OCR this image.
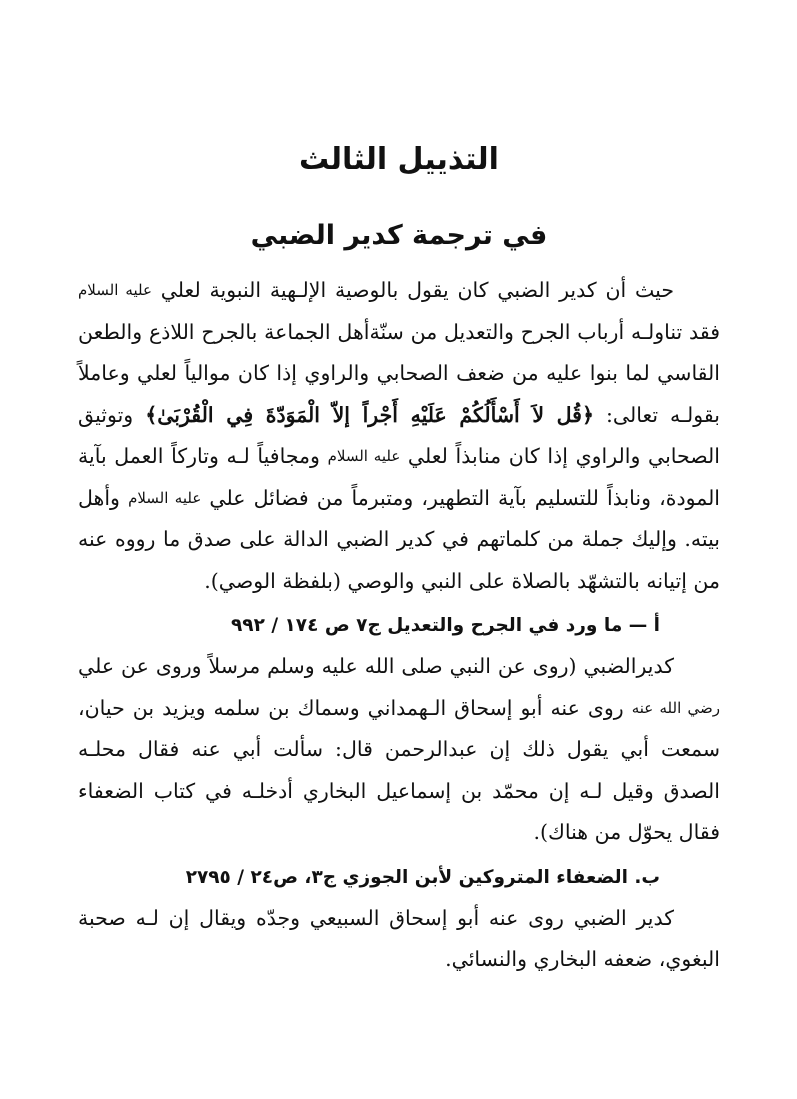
التذييل الثالث
في ترجمة كدير الضبي

حيث أن كدير الضبي كان يقول بالوصية الإلـهية النبوية لعلي عليه السلام فقد تناولـه أرباب الجرح والتعديل من سنّةأهل الجماعة بالجرح اللاذع والطعن القاسي لما بنوا عليه من ضعف الصحابي والراوي إذا كان موالياً لعلي وعاملاً بقولـه تعالى: ﴿قُل لاَ أَسْأَلُكُمْ عَلَيْهِ أَجْراً إلاّ الْمَوَدّةَ فِي الْقُرْبَىٰ﴾ وتوثيق الصحابي والراوي إذا كان منابذاً لعلي عليه السلام ومجافياً لـه وتاركاً العمل بآية المودة، ونابذاً للتسليم بآية التطهير، ومتبرماً من فضائل علي عليه السلام وأهل بيته. وإليك جملة من كلماتهم في كدير الضبي الدالة على صدق ما رووه عنه من إتيانه بالتشهّد بالصلاة على النبي والوصي (بلفظة الوصي).

أ — ما ورد في الجرح والتعديل ج٧ ص ١٧٤ / ٩٩٢

كديرالضبي (روى عن النبي صلى الله عليه وسلم مرسلاً وروى عن علي رضي الله عنه روى عنه أبو إسحاق الـهمداني وسماك بن سلمه ويزيد بن حيان، سمعت أبي يقول ذلك إن عبدالرحمن قال: سألت أبي عنه فقال محلـه الصدق وقيل لـه إن محمّد بن إسماعيل البخاري أدخلـه في كتاب الضعفاء فقال يحوّل من هناك).

ب. الضعفاء المتروكين لأبن الجوزي ج٣، ص٢٤ / ٢٧٩٥

كدير الضبي روى عنه أبو إسحاق السبيعي وجدّه ويقال إن لـه صحبة البغوي، ضعفه البخاري والنسائي.
